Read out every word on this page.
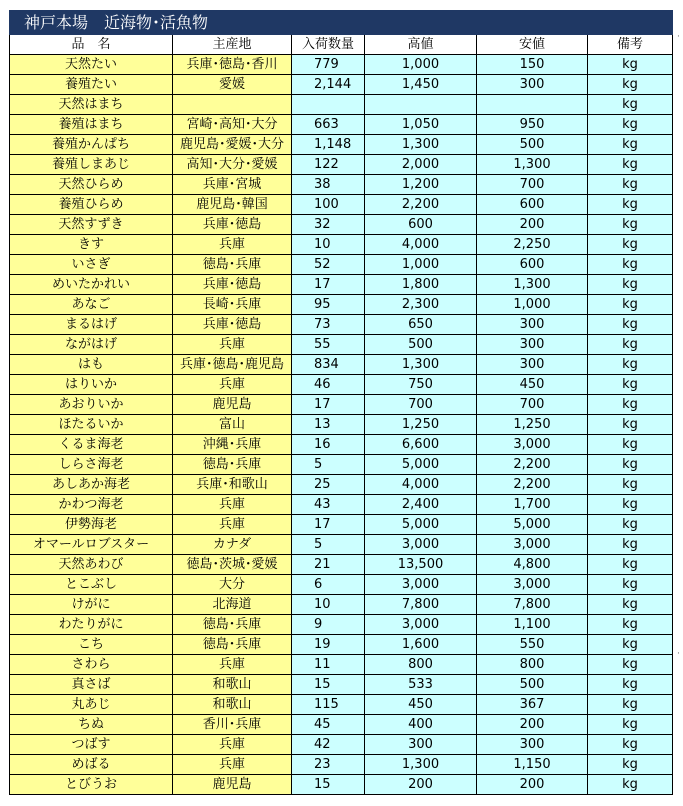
神戸本場　近海物･活魚物					
品　名	主産地	入荷数量	高値	安値	備考
天然たい	兵庫･徳島･香川	779	1,000	150	kg
養殖たい	愛媛	2,144	1,450	300	kg
天然はまち					kg
養殖はまち	宮崎･高知･大分	663	1,050	950	kg
養殖かんぱち	鹿児島･愛媛･大分	1,148	1,300	500	kg
養殖しまあじ	高知･大分･愛媛	122	2,000	1,300	kg
天然ひらめ	兵庫･宮城	38	1,200	700	kg
養殖ひらめ	鹿児島･韓国	100	2,200	600	kg
天然すずき	兵庫･徳島	32	600	200	kg
きす	兵庫	10	4,000	2,250	kg
いさぎ	徳島･兵庫	52	1,000	600	kg
めいたかれい	兵庫･徳島	17	1,800	1,300	kg
あなご	長崎･兵庫	95	2,300	1,000	kg
まるはげ	兵庫･徳島	73	650	300	kg
ながはげ	兵庫	55	500	300	kg
はも	兵庫･徳島･鹿児島	834	1,300	300	kg
はりいか	兵庫	46	750	450	kg
あおりいか	鹿児島	17	700	700	kg
ほたるいか	富山	13	1,250	1,250	kg
くるま海老	沖縄･兵庫	16	6,600	3,000	kg
しらさ海老	徳島･兵庫	5	5,000	2,200	kg
あしあか海老	兵庫･和歌山	25	4,000	2,200	kg
かわつ海老	兵庫	43	2,400	1,700	kg
伊勢海老	兵庫	17	5,000	5,000	kg
オマールロブスター	カナダ	5	3,000	3,000	kg
天然あわび	徳島･茨城･愛媛	21	13,500	4,800	kg
とこぶし	大分	6	3,000	3,000	kg
けがに	北海道	10	7,800	7,800	kg
わたりがに	徳島･兵庫	9	3,000	1,100	kg
こち	徳島･兵庫	19	1,600	550	kg
さわら	兵庫	11	800	800	kg
真さば	和歌山	15	533	500	kg
丸あじ	和歌山	115	450	367	kg
ちぬ	香川･兵庫	45	400	200	kg
つばす	兵庫	42	300	300	kg
めばる	兵庫	23	1,300	1,150	kg
とびうお	鹿児島	15	200	200	kg
·
·
